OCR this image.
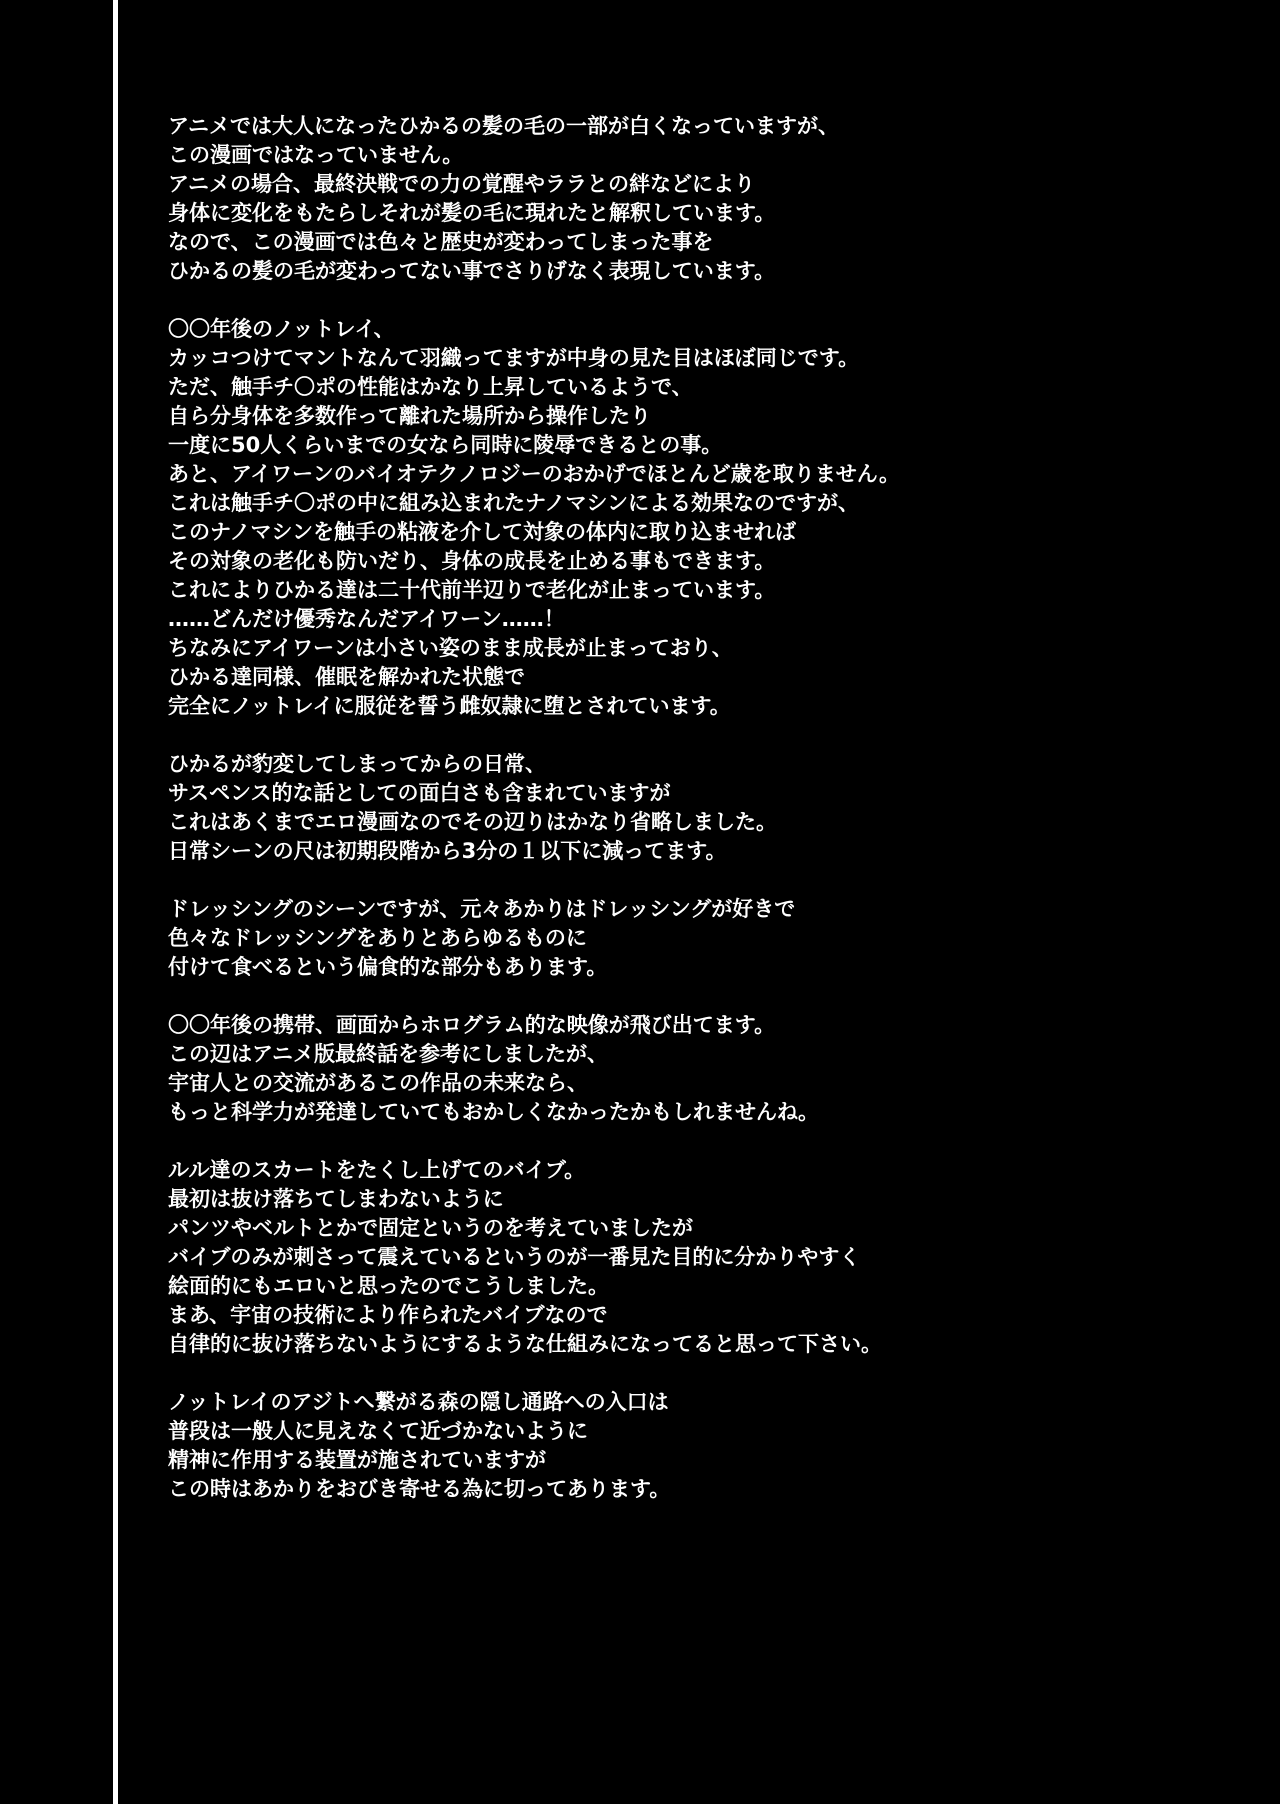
アニメでは大人になったひかるの髪の毛の一部が白くなっていますが、
この漫画ではなっていません。
アニメの場合、最終決戦での力の覚醒やララとの絆などにより
身体に変化をもたらしそれが髪の毛に現れたと解釈しています。
なので、この漫画では色々と歴史が変わってしまった事を
ひかるの髪の毛が変わってない事でさりげなく表現しています。
〇〇年後のノットレイ、
カッコつけてマントなんて羽織ってますが中身の見た目はほぼ同じです。
ただ、触手チ〇ポの性能はかなり上昇しているようで、
自ら分身体を多数作って離れた場所から操作したり
一度に50人くらいまでの女なら同時に陵辱できるとの事。
あと、アイワーンのバイオテクノロジーのおかげでほとんど歳を取りません。
これは触手チ〇ポの中に組み込まれたナノマシンによる効果なのですが、
このナノマシンを触手の粘液を介して対象の体内に取り込ませれば
その対象の老化も防いだり、身体の成長を止める事もできます。
これによりひかる達は二十代前半辺りで老化が止まっています。
……どんだけ優秀なんだアイワーン……！
ちなみにアイワーンは小さい姿のまま成長が止まっており、
ひかる達同様、催眠を解かれた状態で
完全にノットレイに服従を誓う雌奴隷に堕とされています。
ひかるが豹変してしまってからの日常、
サスペンス的な話としての面白さも含まれていますが
これはあくまでエロ漫画なのでその辺りはかなり省略しました。
日常シーンの尺は初期段階から3分の１以下に減ってます。
ドレッシングのシーンですが、元々あかりはドレッシングが好きで
色々なドレッシングをありとあらゆるものに
付けて食べるという偏食的な部分もあります。
〇〇年後の携帯、画面からホログラム的な映像が飛び出てます。
この辺はアニメ版最終話を参考にしましたが、
宇宙人との交流があるこの作品の未来なら、
もっと科学力が発達していてもおかしくなかったかもしれませんね。
ルル達のスカートをたくし上げてのバイブ。
最初は抜け落ちてしまわないように
パンツやベルトとかで固定というのを考えていましたが
バイブのみが刺さって震えているというのが一番見た目的に分かりやすく
絵面的にもエロいと思ったのでこうしました。
まあ、宇宙の技術により作られたバイブなので
自律的に抜け落ちないようにするような仕組みになってると思って下さい。
ノットレイのアジトへ繋がる森の隠し通路への入口は
普段は一般人に見えなくて近づかないように
精神に作用する装置が施されていますが
この時はあかりをおびき寄せる為に切ってあります。
